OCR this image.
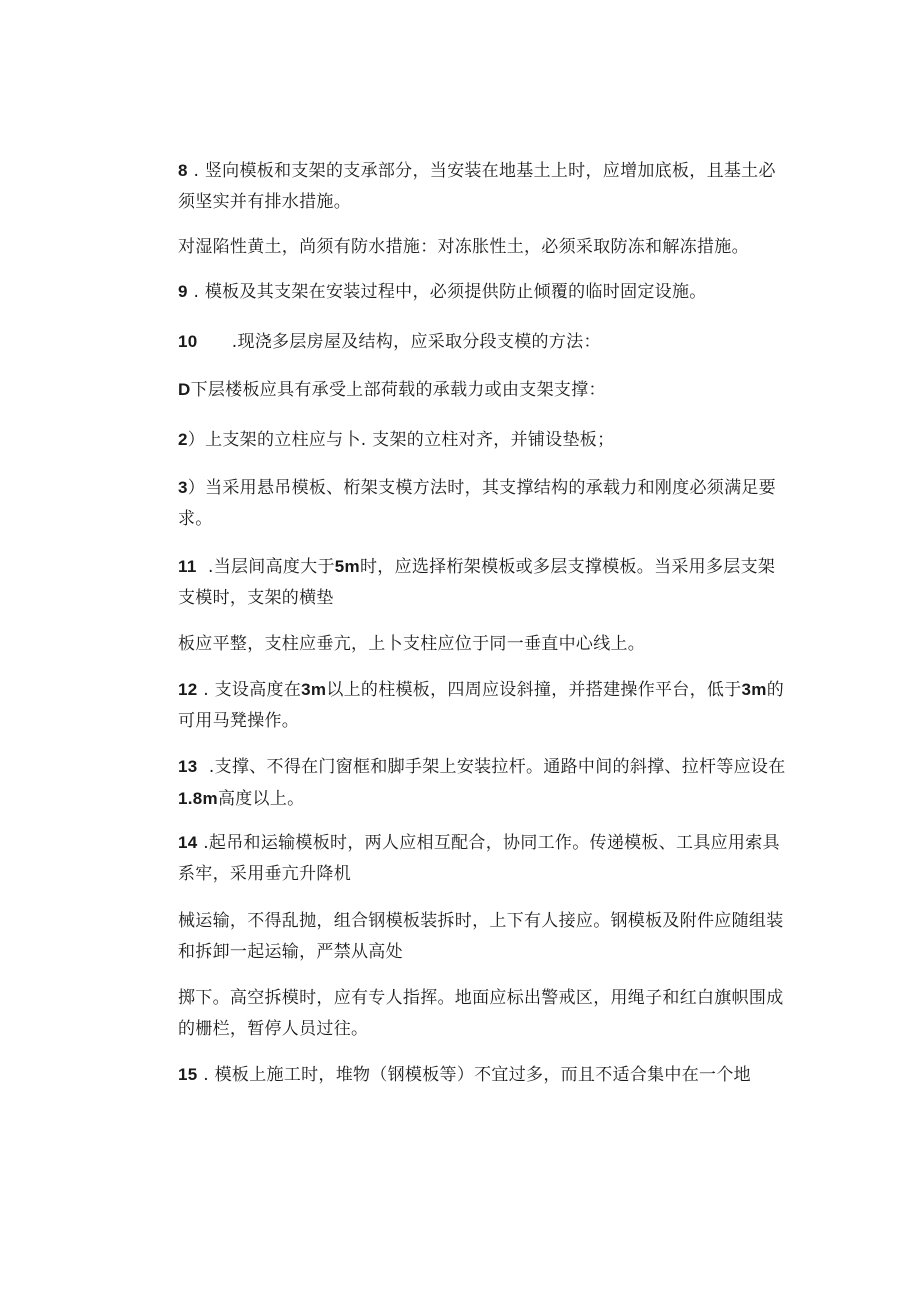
8 . 竖向模板和支架的支承部分，当安装在地基土上时，应增加底板，且基土必须坚实并有排水措施。

对湿陷性黄土，尚须有防水措施：对冻胀性土，必须采取防冻和解冻措施。

9 . 模板及其支架在安装过程中，必须提供防止倾覆的临时固定设施。

10      .现浇多层房屋及结构，应采取分段支模的方法：

D下层楼板应具有承受上部荷载的承载力或由支架支撑：

2）上支架的立柱应与卜. 支架的立柱对齐，并铺设垫板；

3）当采用悬吊模板、桁架支模方法时，其支撑结构的承载力和刚度必须满足要求。

11  .当层间高度大于5m时，应选择桁架模板或多层支撑模板。当采用多层支架支模时，支架的横垫

板应平整，支柱应垂亢，上卜支柱应位于同一垂直中心线上。

12 . 支设高度在3m以上的柱模板，四周应设斜撞，并搭建操作平台，低于3m的可用马凳操作。

13  .支撑、不得在门窗框和脚手架上安装拉杆。通路中间的斜撑、拉杆等应设在1.8m高度以上。

14 .起吊和运输模板时，两人应相互配合，协同工作。传递模板、工具应用索具系牢，采用垂亢升降机

械运输，不得乱抛，组合钢模板装拆时，上下有人接应。钢模板及附件应随组装和拆卸一起运输，严禁从高处

掷下。高空拆模时，应有专人指挥。地面应标出警戒区，用绳子和红白旗帜围成的栅栏，暂停人员过往。

15 . 模板上施工时，堆物（钢模板等）不宜过多，而且不适合集中在一个地
